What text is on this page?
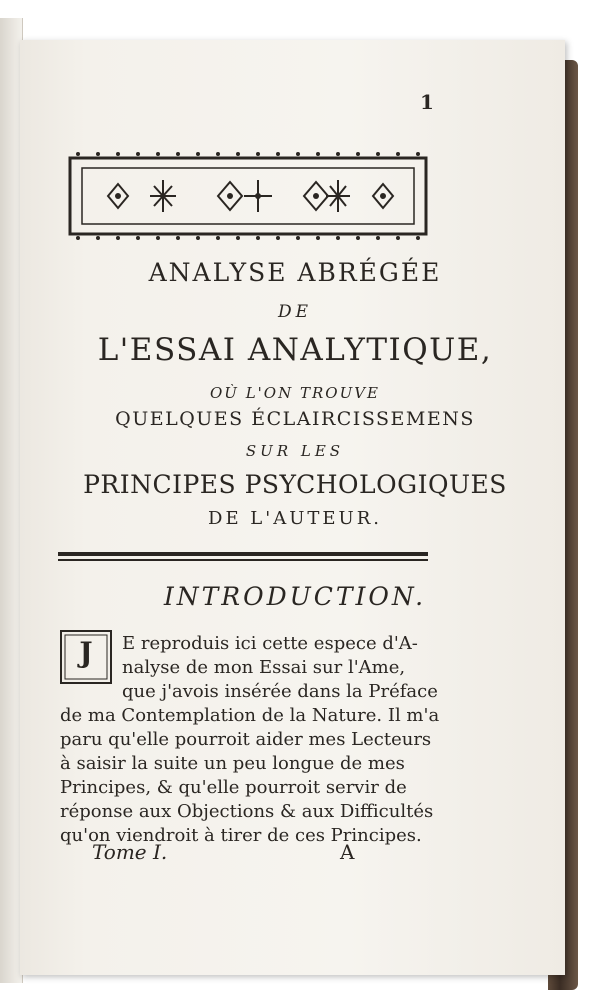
1
ANALYSE ABRÉGÉE
DE
L'ESSAI ANALYTIQUE,
OÙ L'ON TROUVE
QUELQUES ÉCLAIRCISSEMENS
SUR LES
PRINCIPES PSYCHOLOGIQUES
DE L'AUTEUR.
INTRODUCTION.
J	E reproduis ici cette espece d'A-
nalyse de mon Essai sur l'Ame,
que j'avois insérée dans la Préface
de ma Contemplation de la Nature. Il m'a
paru qu'elle pourroit aider mes Lecteurs
à saisir la suite un peu longue de mes
Principes, & qu'elle pourroit servir de
réponse aux Objections & aux Difficultés
qu'on viendroit à tirer de ces Principes.
Tome I.	A
